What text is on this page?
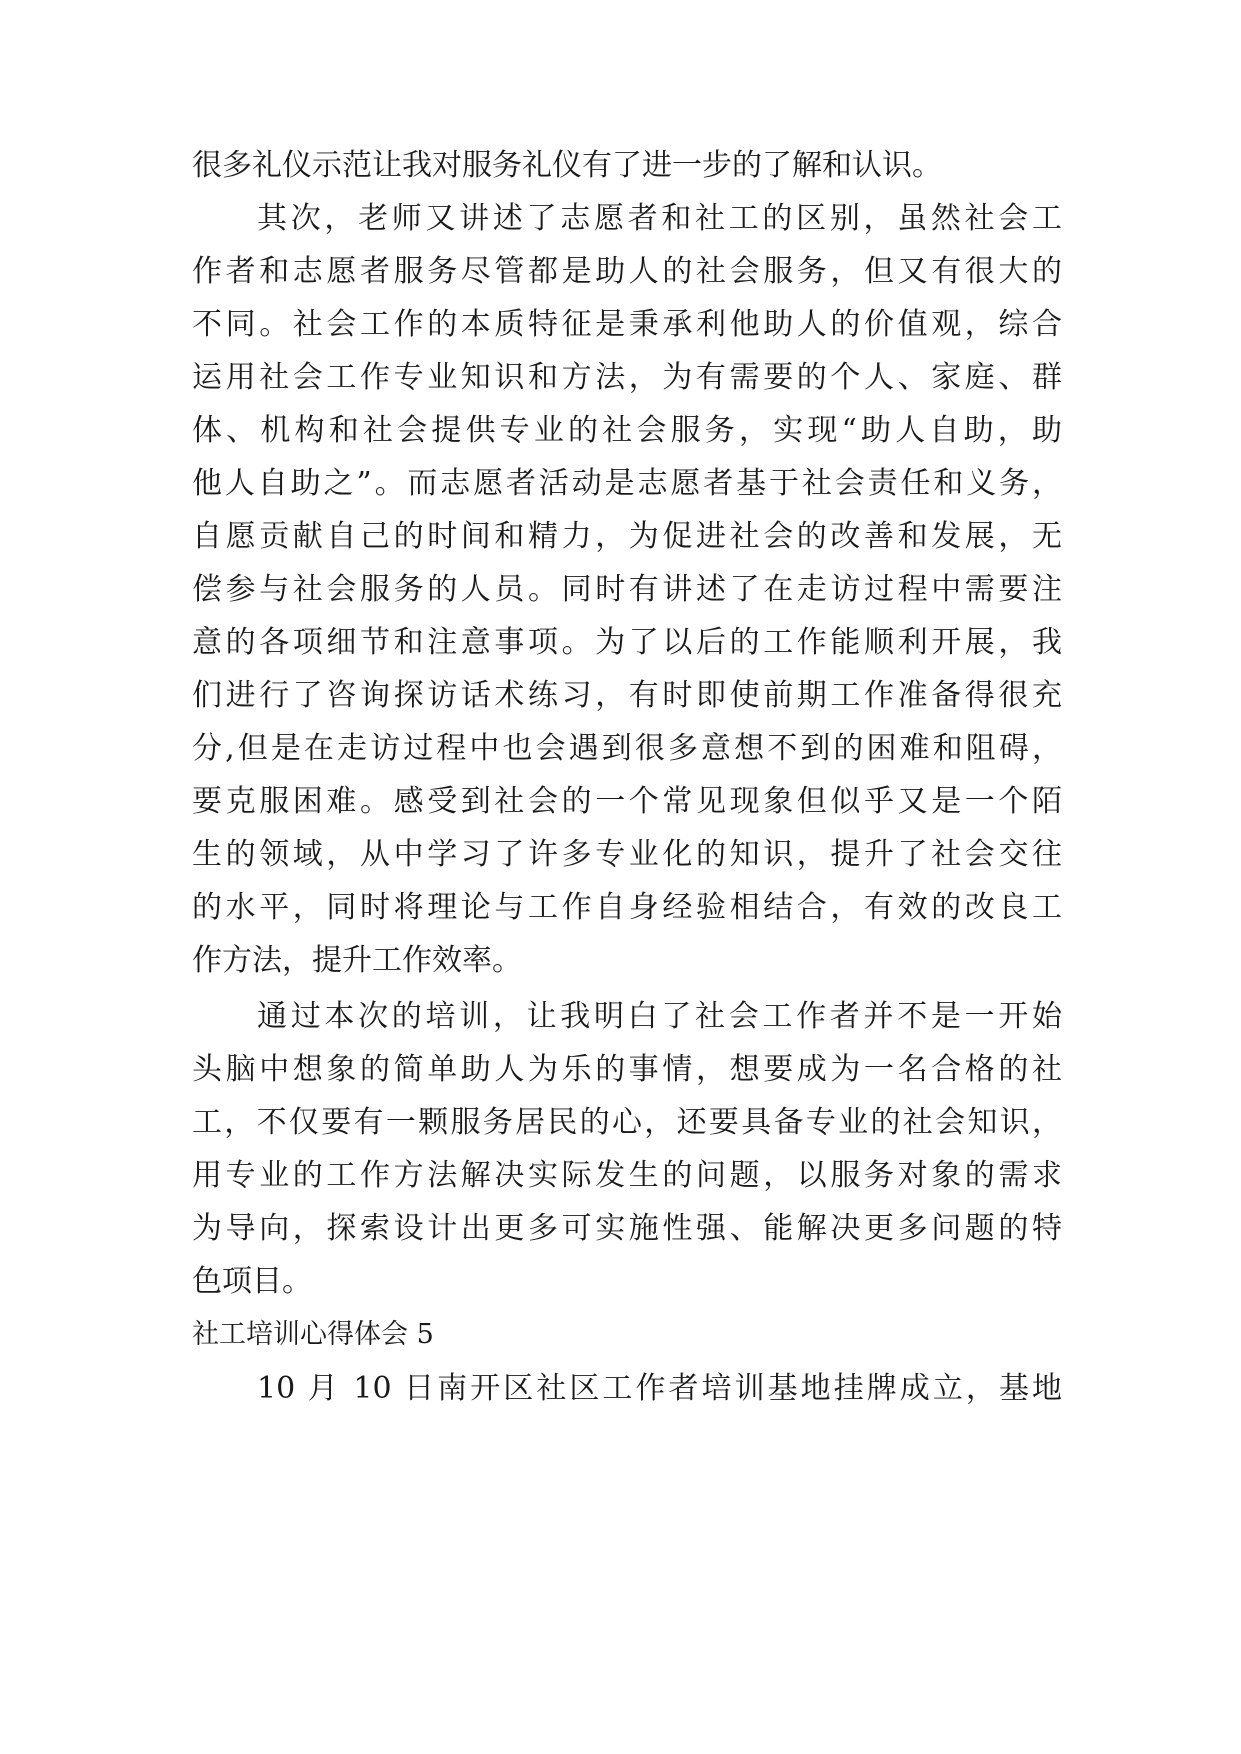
很多礼仪示范让我对服务礼仪有了进一步的了解和认识。
其次，老师又讲述了志愿者和社工的区别，虽然社会工
作者和志愿者服务尽管都是助人的社会服务，但又有很大的
不同。社会工作的本质特征是秉承利他助人的价值观，综合
运用社会工作专业知识和方法，为有需要的个人、家庭、群
体、机构和社会提供专业的社会服务，实现“助人自助，助
他人自助之”。而志愿者活动是志愿者基于社会责任和义务，
自愿贡献自己的时间和精力，为促进社会的改善和发展，无
偿参与社会服务的人员。同时有讲述了在走访过程中需要注
意的各项细节和注意事项。为了以后的工作能顺利开展，我
们进行了咨询探访话术练习，有时即使前期工作准备得很充
分,但是在走访过程中也会遇到很多意想不到的困难和阻碍，
要克服困难。感受到社会的一个常见现象但似乎又是一个陌
生的领域，从中学习了许多专业化的知识，提升了社会交往
的水平，同时将理论与工作自身经验相结合，有效的改良工
作方法，提升工作效率。
通过本次的培训，让我明白了社会工作者并不是一开始
头脑中想象的简单助人为乐的事情，想要成为一名合格的社
工，不仅要有一颗服务居民的心，还要具备专业的社会知识，
用专业的工作方法解决实际发生的问题，以服务对象的需求
为导向，探索设计出更多可实施性强、能解决更多问题的特
色项目。
社工培训心得体会 5
10 月 10 日南开区社区工作者培训基地挂牌成立，基地
